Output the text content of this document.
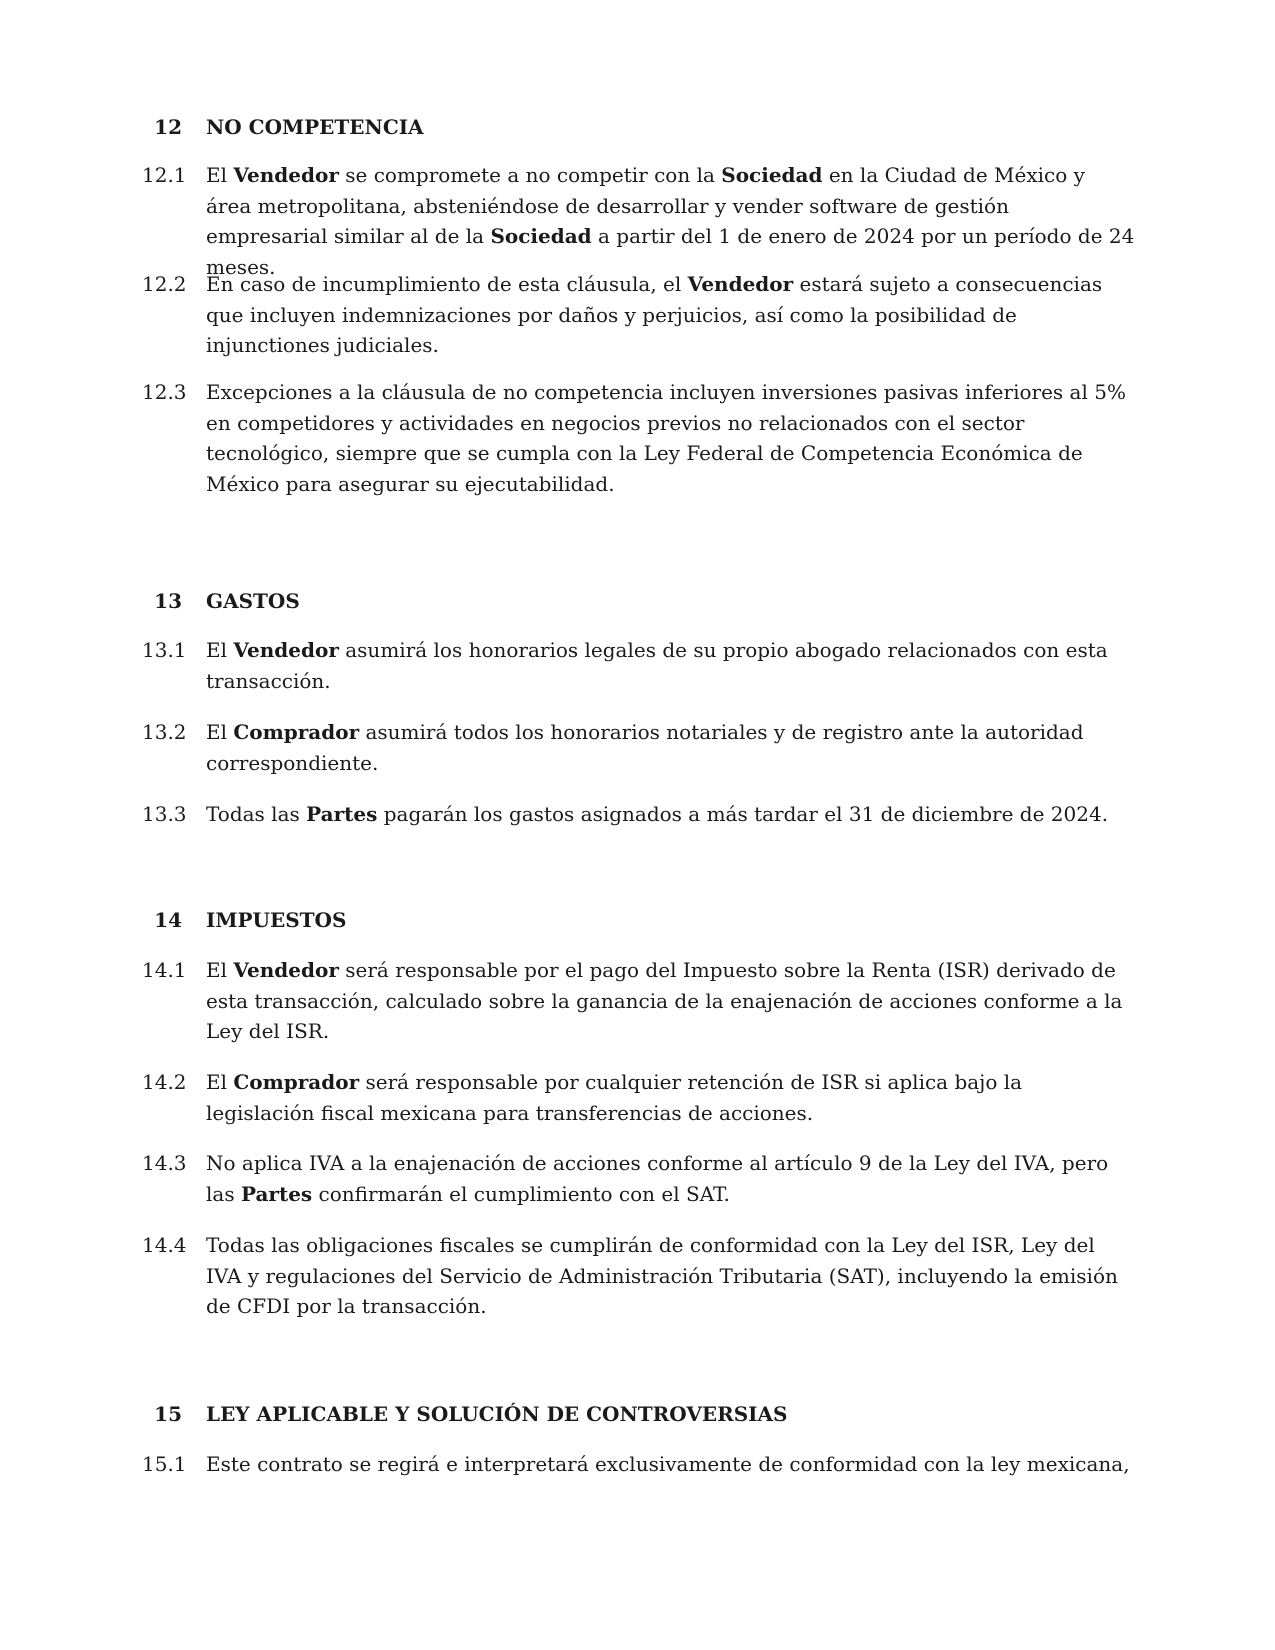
12 NO COMPETENCIA
12.1 El Vendedor se compromete a no competir con la Sociedad en la Ciudad de México y área metropolitana, absteniéndose de desarrollar y vender software de gestión empresarial similar al de la Sociedad a partir del 1 de enero de 2024 por un período de 24 meses.
12.2 En caso de incumplimiento de esta cláusula, el Vendedor estará sujeto a consecuencias que incluyen indemnizaciones por daños y perjuicios, así como la posibilidad de injunctiones judiciales.
12.3 Excepciones a la cláusula de no competencia incluyen inversiones pasivas inferiores al 5% en competidores y actividades en negocios previos no relacionados con el sector tecnológico, siempre que se cumpla con la Ley Federal de Competencia Económica de México para asegurar su ejecutabilidad.
13 GASTOS
13.1 El Vendedor asumirá los honorarios legales de su propio abogado relacionados con esta transacción.
13.2 El Comprador asumirá todos los honorarios notariales y de registro ante la autoridad correspondiente.
13.3 Todas las Partes pagarán los gastos asignados a más tardar el 31 de diciembre de 2024.
14 IMPUESTOS
14.1 El Vendedor será responsable por el pago del Impuesto sobre la Renta (ISR) derivado de esta transacción, calculado sobre la ganancia de la enajenación de acciones conforme a la Ley del ISR.
14.2 El Comprador será responsable por cualquier retención de ISR si aplica bajo la legislación fiscal mexicana para transferencias de acciones.
14.3 No aplica IVA a la enajenación de acciones conforme al artículo 9 de la Ley del IVA, pero las Partes confirmarán el cumplimiento con el SAT.
14.4 Todas las obligaciones fiscales se cumplirán de conformidad con la Ley del ISR, Ley del IVA y regulaciones del Servicio de Administración Tributaria (SAT), incluyendo la emisión de CFDI por la transacción.
15 LEY APLICABLE Y SOLUCIÓN DE CONTROVERSIAS
15.1 Este contrato se regirá e interpretará exclusivamente de conformidad con la ley mexicana,
